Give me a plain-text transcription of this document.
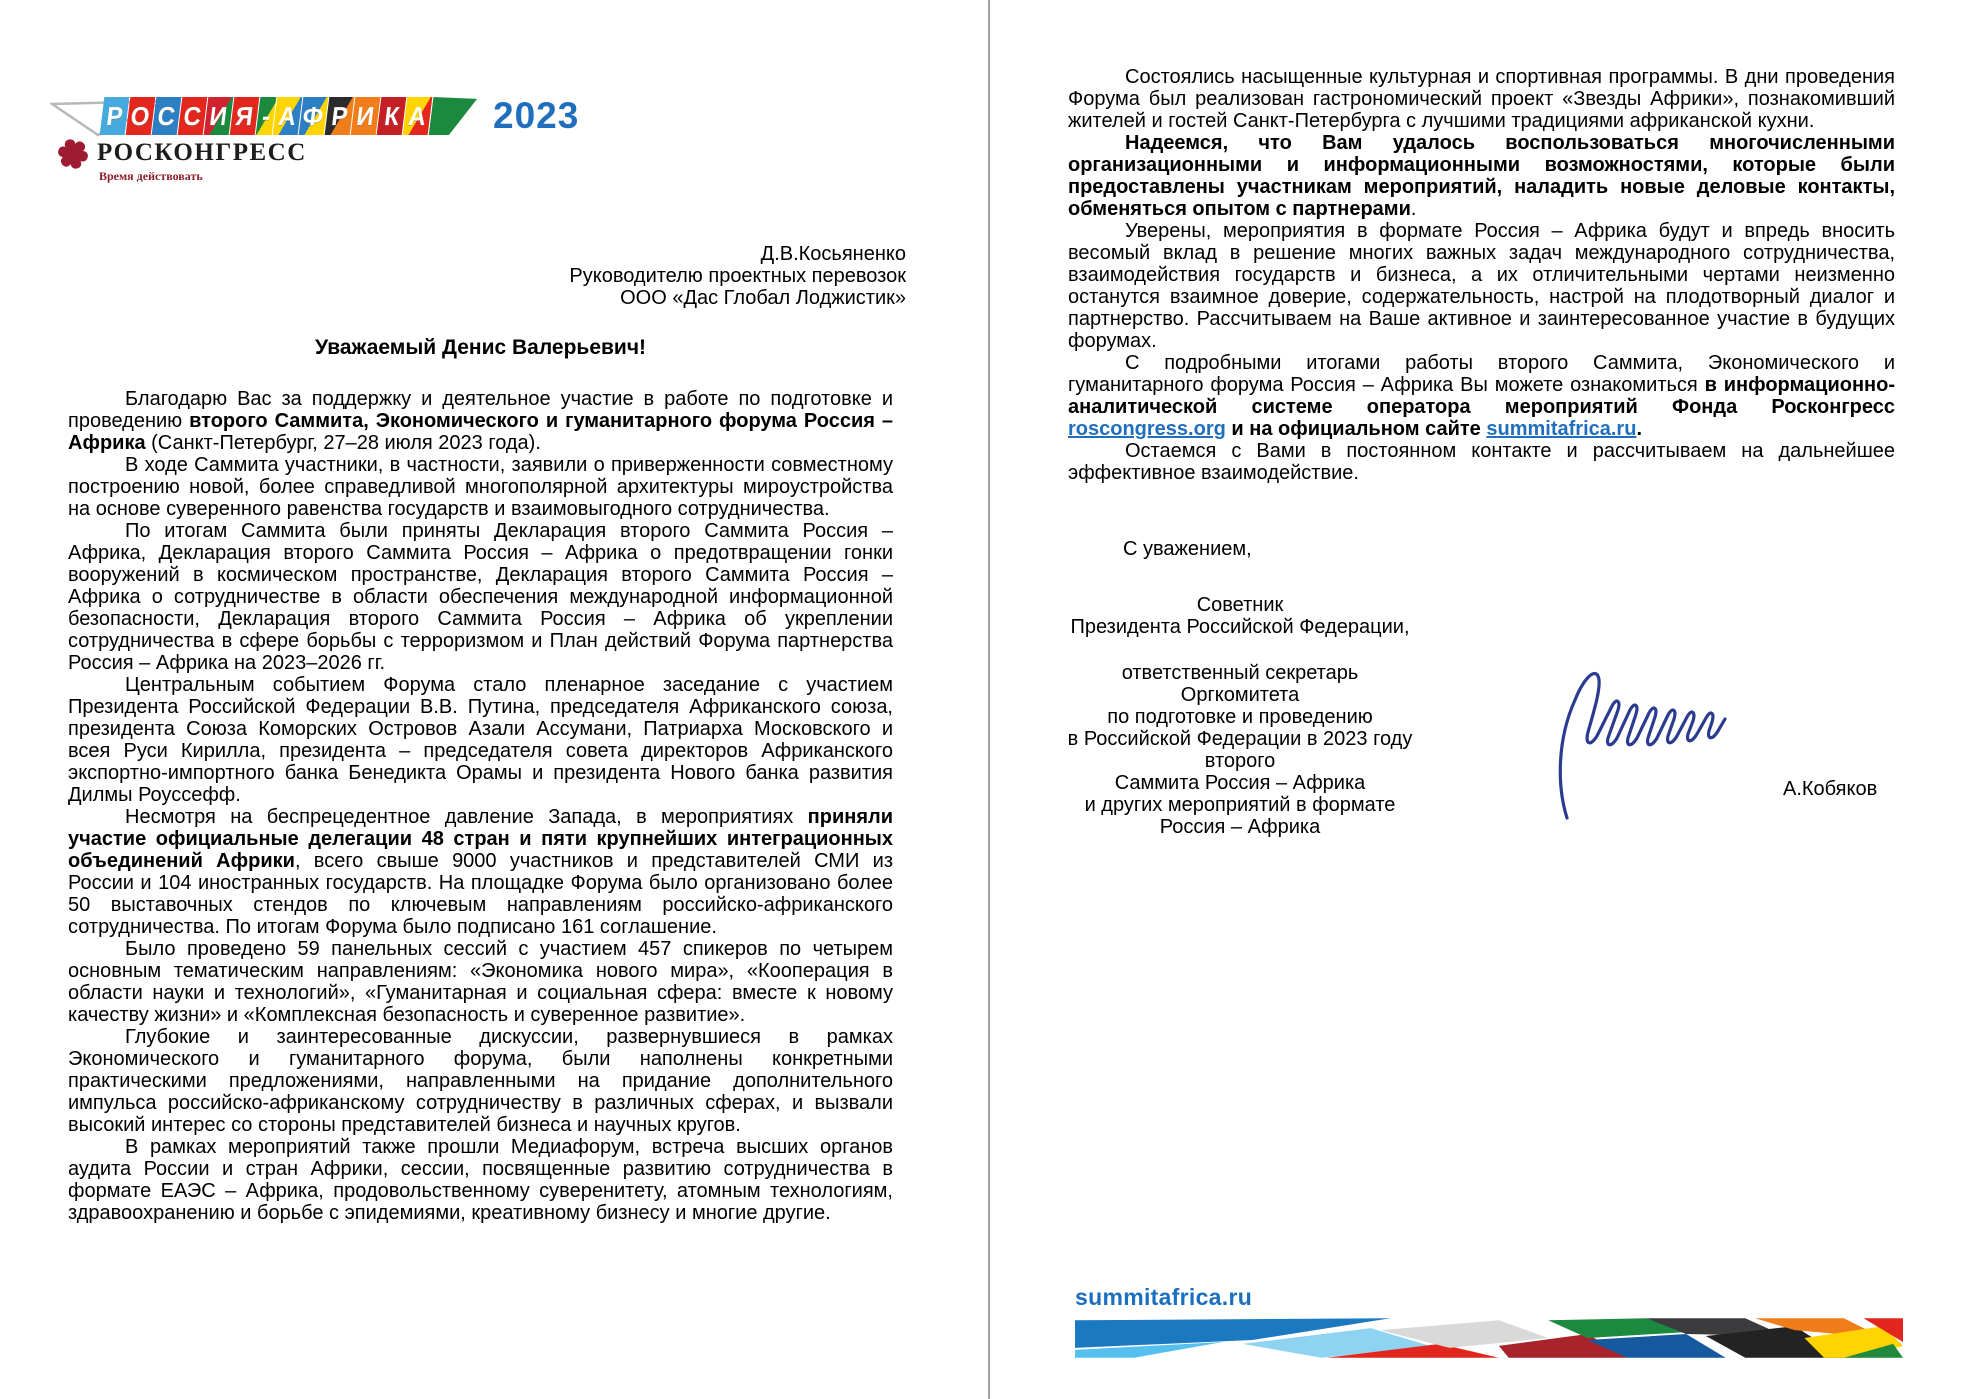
Р О С С И Я - А Ф Р И К А 2023
РОСКОНГРЕСС
Время действовать
Д.В.Косьяненко
Руководителю проектных перевозок
ООО «Дас Глобал Лоджистик»
Уважаемый Денис Валерьевич!

Благодарю Вас за поддержку и деятельное участие в работе по подготовке и проведению второго Саммита, Экономического и гуманитарного форума Россия – Африка (Санкт-Петербург, 27–28 июля 2023 года).

В ходе Саммита участники, в частности, заявили о приверженности совместному построению новой, более справедливой многополярной архитектуры мироустройства на основе суверенного равенства государств и взаимовыгодного сотрудничества.

По итогам Саммита были приняты Декларация второго Саммита Россия – Африка, Декларация второго Саммита Россия – Африка о предотвращении гонки вооружений в космическом пространстве, Декларация второго Саммита Россия – Африка о сотрудничестве в области обеспечения международной информационной безопасности, Декларация второго Саммита Россия – Африка об укреплении сотрудничества в сфере борьбы с терроризмом и План действий Форума партнерства Россия – Африка на 2023–2026 гг.

Центральным событием Форума стало пленарное заседание с участием Президента Российской Федерации В.В. Путина, председателя Африканского союза, президента Союза Коморских Островов Азали Ассумани, Патриарха Московского и всея Руси Кирилла, президента – председателя совета директоров Африканского экспортно-импортного банка Бенедикта Орамы и президента Нового банка развития Дилмы Роуссефф.

Несмотря на беспрецедентное давление Запада, в мероприятиях приняли участие официальные делегации 48 стран и пяти крупнейших интеграционных объединений Африки, всего свыше 9000 участников и представителей СМИ из России и 104 иностранных государств. На площадке Форума было организовано более 50 выставочных стендов по ключевым направлениям российско-африканского сотрудничества. По итогам Форума было подписано 161 соглашение.

Было проведено 59 панельных сессий с участием 457 спикеров по четырем основным тематическим направлениям: «Экономика нового мира», «Кооперация в области науки и технологий», «Гуманитарная и социальная сфера: вместе к новому качеству жизни» и «Комплексная безопасность и суверенное развитие».

Глубокие и заинтересованные дискуссии, развернувшиеся в рамках Экономического и гуманитарного форума, были наполнены конкретными практическими предложениями, направленными на придание дополнительного импульса российско-африканскому сотрудничеству в различных сферах, и вызвали высокий интерес со стороны представителей бизнеса и научных кругов.

В рамках мероприятий также прошли Медиафорум, встреча высших органов аудита России и стран Африки, сессии, посвященные развитию сотрудничества в формате ЕАЭС – Африка, продовольственному суверенитету, атомным технологиям, здравоохранению и борьбе с эпидемиями, креативному бизнесу и многие другие.

Состоялись насыщенные культурная и спортивная программы. В дни проведения Форума был реализован гастрономический проект «Звезды Африки», познакомивший жителей и гостей Санкт-Петербурга с лучшими традициями африканской кухни.

Надеемся, что Вам удалось воспользоваться многочисленными организационными и информационными возможностями, которые были предоставлены участникам мероприятий, наладить новые деловые контакты, обменяться опытом с партнерами.

Уверены, мероприятия в формате Россия – Африка будут и впредь вносить весомый вклад в решение многих важных задач международного сотрудничества, взаимодействия государств и бизнеса, а их отличительными чертами неизменно останутся взаимное доверие, содержательность, настрой на плодотворный диалог и партнерство. Рассчитываем на Ваше активное и заинтересованное участие в будущих форумах.

С подробными итогами работы второго Саммита, Экономического и гуманитарного форума Россия – Африка Вы можете ознакомиться в информационно-аналитической системе оператора мероприятий Фонда Росконгресс roscongress.org и на официальном сайте summitafrica.ru.

Остаемся с Вами в постоянном контакте и рассчитываем на дальнейшее эффективное взаимодействие.

С уважением,
Советник
Президента Российской Федерации,
ответственный секретарь Оргкомитета
по подготовке и проведению
в Российской Федерации в 2023 году второго
Саммита Россия – Африка
и других мероприятий в формате
Россия – Африка
А.Кобяков
summitafrica.ru
